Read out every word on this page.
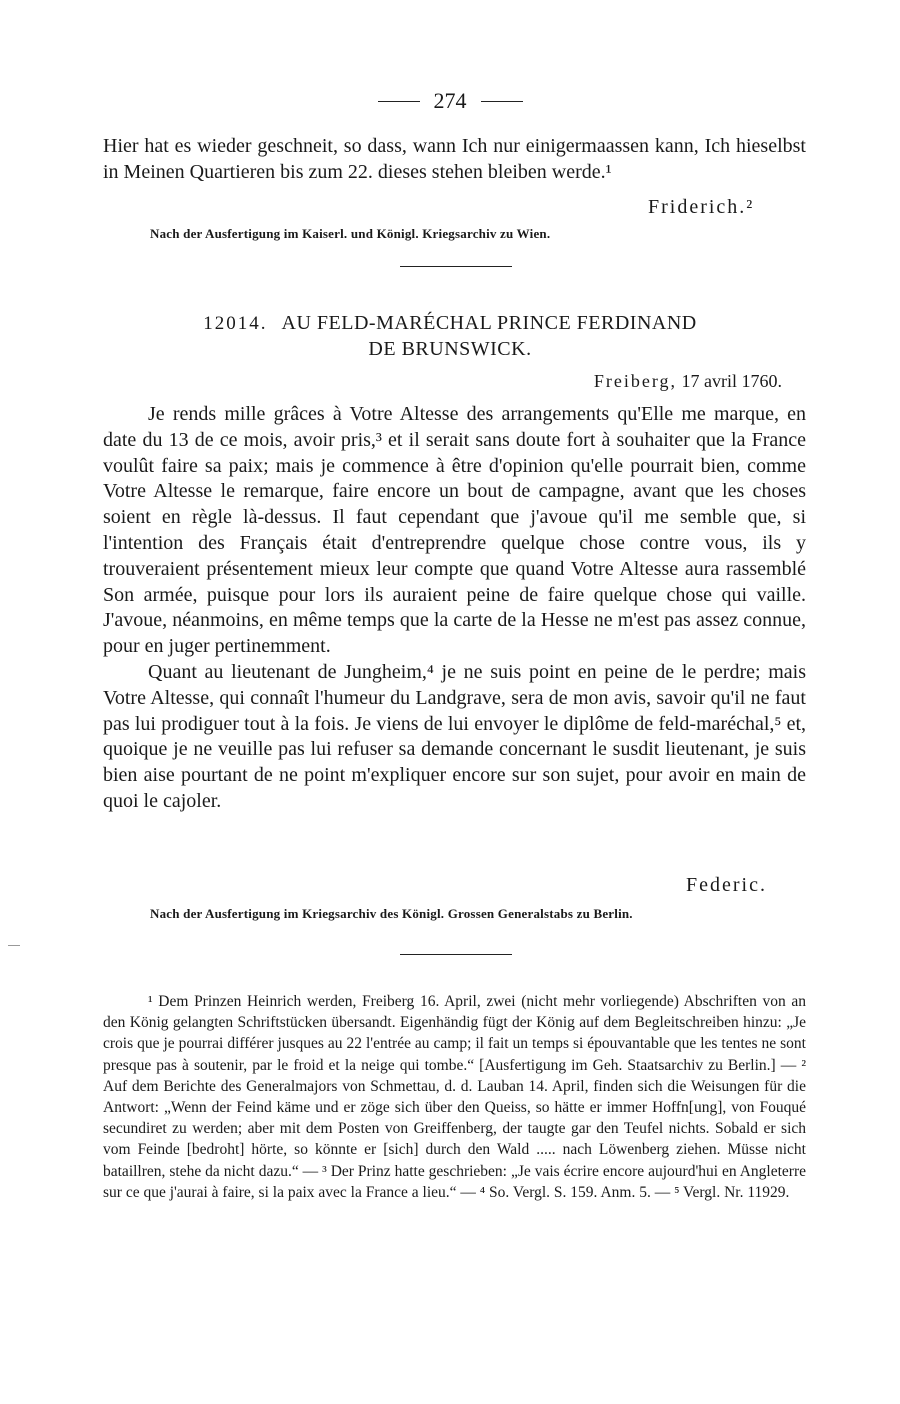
274

Hier hat es wieder geschneit, so dass, wann Ich nur einigermaassen kann, Ich hieselbst in Meinen Quartieren bis zum 22. dieses stehen bleiben werde.¹

Friderich.²
Nach der Ausfertigung im Kaiserl. und Königl. Kriegsarchiv zu Wien.
12014. AU FELD-MARÉCHAL PRINCE FERDINAND
DE BRUNSWICK.
Freiberg, 17 avril 1760.

Je rends mille grâces à Votre Altesse des arrangements qu'Elle me marque, en date du 13 de ce mois, avoir pris,³ et il serait sans doute fort à souhaiter que la France voulût faire sa paix; mais je commence à être d'opinion qu'elle pourrait bien, comme Votre Altesse le remarque, faire encore un bout de campagne, avant que les choses soient en règle là-dessus. Il faut cependant que j'avoue qu'il me semble que, si l'intention des Français était d'entreprendre quelque chose contre vous, ils y trouveraient présentement mieux leur compte que quand Votre Altesse aura rassemblé Son armée, puisque pour lors ils auraient peine de faire quelque chose qui vaille. J'avoue, néanmoins, en même temps que la carte de la Hesse ne m'est pas assez connue, pour en juger pertinemment.

Quant au lieutenant de Jungheim,⁴ je ne suis point en peine de le perdre; mais Votre Altesse, qui connaît l'humeur du Landgrave, sera de mon avis, savoir qu'il ne faut pas lui prodiguer tout à la fois. Je viens de lui envoyer le diplôme de feld-maréchal,⁵ et, quoique je ne veuille pas lui refuser sa demande concernant le susdit lieutenant, je suis bien aise pourtant de ne point m'expliquer encore sur son sujet, pour avoir en main de quoi le cajoler.

Federic.
Nach der Ausfertigung im Kriegsarchiv des Königl. Grossen Generalstabs zu Berlin.

¹ Dem Prinzen Heinrich werden, Freiberg 16. April, zwei (nicht mehr vorliegende) Abschriften von an den König gelangten Schriftstücken übersandt. Eigenhändig fügt der König auf dem Begleitschreiben hinzu: „Je crois que je pourrai différer jusques au 22 l'entrée au camp; il fait un temps si épouvantable que les tentes ne sont presque pas à soutenir, par le froid et la neige qui tombe.“ [Ausfertigung im Geh. Staatsarchiv zu Berlin.] — ² Auf dem Berichte des Generalmajors von Schmettau, d. d. Lauban 14. April, finden sich die Weisungen für die Antwort: „Wenn der Feind käme und er zöge sich über den Queiss, so hätte er immer Hoffn[ung], von Fouqué secundiret zu werden; aber mit dem Posten von Greiffenberg, der taugte gar den Teufel nichts. Sobald er sich vom Feinde [bedroht] hörte, so könnte er [sich] durch den Wald ..... nach Löwenberg ziehen. Müsse nicht bataillren, stehe da nicht dazu.“ — ³ Der Prinz hatte geschrieben: „Je vais écrire encore aujourd'hui en Angleterre sur ce que j'aurai à faire, si la paix avec la France a lieu.“ — ⁴ So. Vergl. S. 159. Anm. 5. — ⁵ Vergl. Nr. 11929.
